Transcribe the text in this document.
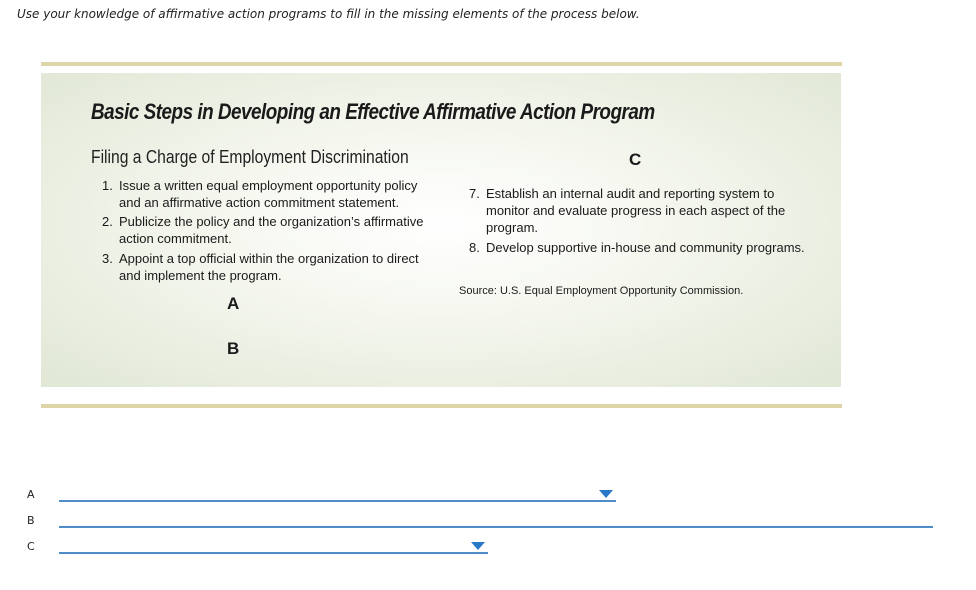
Use your knowledge of affirmative action programs to fill in the missing elements of the process below.

Basic Steps in Developing an Effective Affirmative Action Program
Filing a Charge of Employment Discrimination

1. Issue a written equal employment opportunity policy and an affirmative action commitment statement.

2. Publicize the policy and the organization’s affirmative action commitment.

3. Appoint a top official within the organization to direct and implement the program.

A
B
C

7. Establish an internal audit and reporting system to monitor and evaluate progress in each aspect of the program.

8. Develop supportive in-house and community programs.

Source: U.S. Equal Employment Opportunity Commission.

A
B
C
